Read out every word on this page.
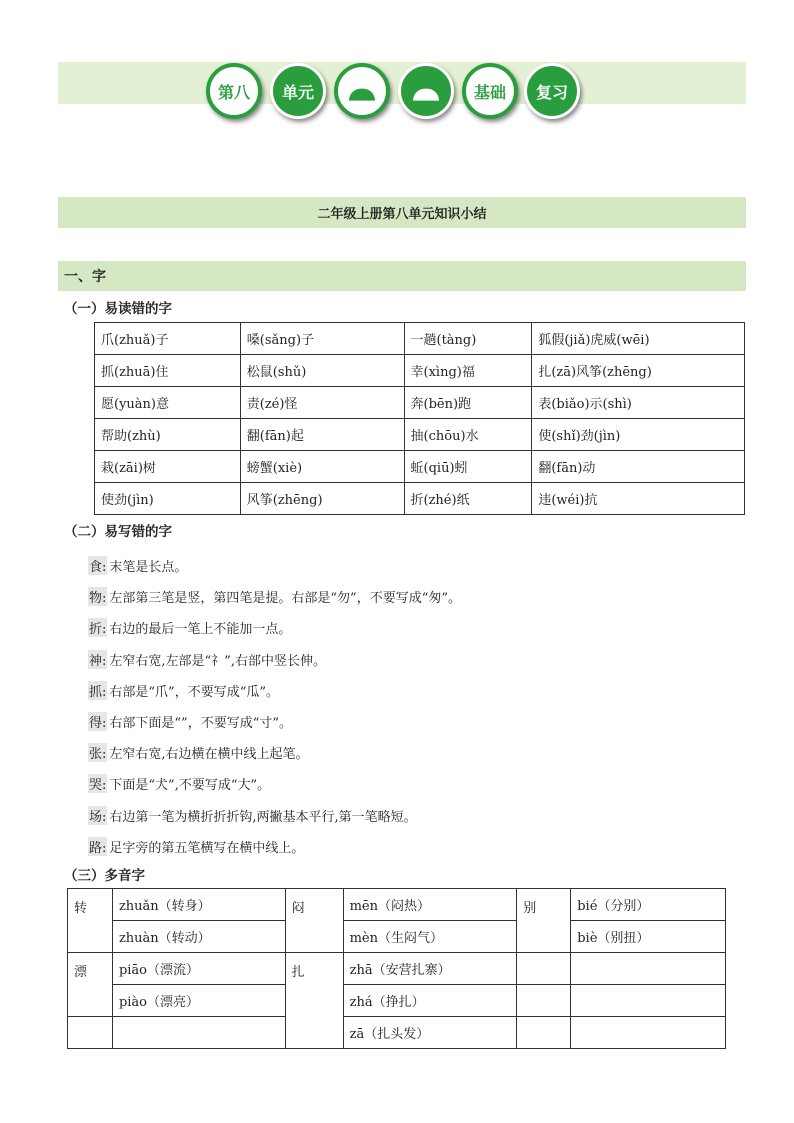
第八 单元	基础 复习
二年级上册第八单元知识小结
一、字
（一）易读错的字
爪(zhuǎ)子	嗓(sǎng)子	一趟(tàng)	狐假(jiǎ)虎威(wēi)
抓(zhuā)住	松鼠(shǔ)	幸(xìng)福	扎(zā)风筝(zhēng)
愿(yuàn)意	责(zé)怪	奔(bēn)跑	表(biǎo)示(shì)
帮助(zhù)	翻(fān)起	抽(chōu)水	使(shǐ)劲(jìn)
栽(zāi)树	螃蟹(xiè)	蚯(qiū)蚓	翻(fān)动
使劲(jìn)	风筝(zhēng)	折(zhé)纸	违(wéi)抗
（二）易写错的字
食: 末笔是长点。
物: 左部第三笔是竖，第四笔是提。右部是“勿”，不要写成“匆”。
折: 右边的最后一笔上不能加一点。
神: 左窄右宽,左部是“礻”,右部中竖长伸。
抓: 右部是“爪”，不要写成“瓜”。
得: 右部下面是“”，不要写成“寸”。
张: 左窄右宽,右边横在横中线上起笔。
哭: 下面是“犬”,不要写成“大”。
场: 右边第一笔为横折折折钩,两撇基本平行,第一笔略短。
路: 足字旁的第五笔横写在横中线上。
（三）多音字
转	zhuǎn（转身）	闷	mēn（闷热）	别	bié（分别）
	zhuàn（转动）		mèn（生闷气）		biè（别扭）
漂	piāo（漂流）	扎	zhā（安营扎寨）		
	piào（漂亮）		zhá（挣扎）		
			zā（扎头发）		
